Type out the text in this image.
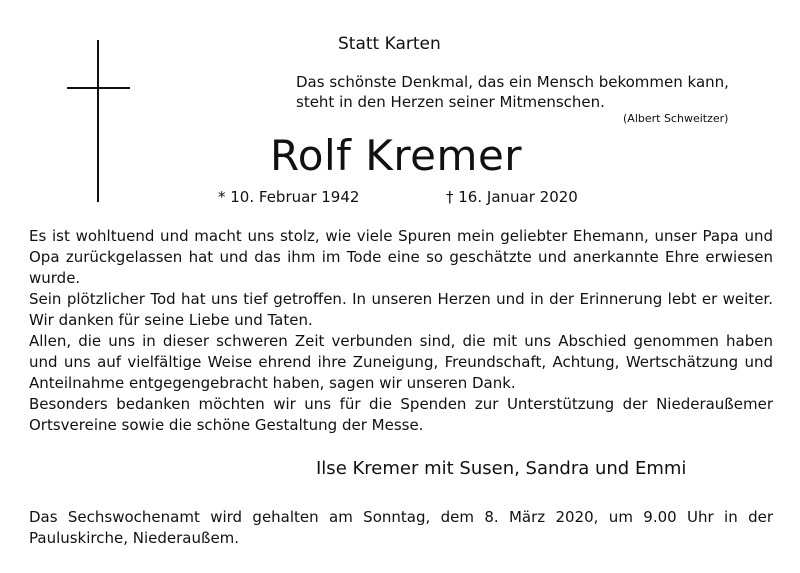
Statt Karten
Das schönste Denkmal, das ein Mensch bekommen kann,
steht in den Herzen seiner Mitmenschen.
(Albert Schweitzer)
Rolf Kremer
* 10. Februar 1942	† 16. Januar 2020

Es ist wohltuend und macht uns stolz, wie viele Spuren mein geliebter Ehemann, unser Papa und Opa zurückgelassen hat und das ihm im Tode eine so geschätzte und anerkannte Ehre erwiesen wurde.

Sein plötzlicher Tod hat uns tief getroffen. In unseren Herzen und in der Erinnerung lebt er weiter. Wir danken für seine Liebe und Taten.

Allen, die uns in dieser schweren Zeit verbunden sind, die mit uns Abschied genommen haben und uns auf vielfältige Weise ehrend ihre Zuneigung, Freundschaft, Achtung, Wertschätzung und Anteilnahme entgegengebracht haben, sagen wir unseren Dank.

Besonders bedanken möchten wir uns für die Spenden zur Unterstützung der Niederaußemer Ortsvereine sowie die schöne Gestaltung der Messe.

Ilse Kremer mit Susen, Sandra und Emmi
Das Sechswochenamt wird gehalten am Sonntag, dem 8. März 2020, um 9.00 Uhr in der Pauluskirche, Niederaußem.
